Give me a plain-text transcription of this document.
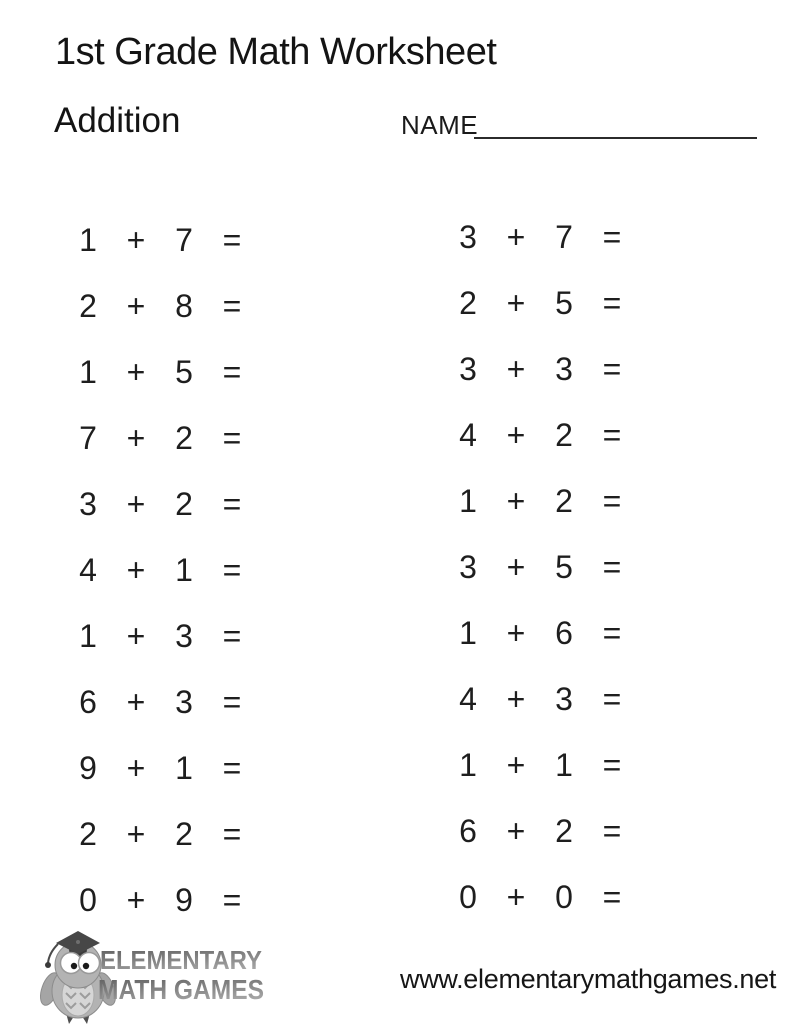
1st Grade Math Worksheet
Addition	NAME
1 + 7 =
2 + 8 =
1 + 5 =
7 + 2 =
3 + 2 =
4 + 1 =
1 + 3 =
6 + 3 =
9 + 1 =
2 + 2 =
0 + 9 =
3 + 7 =
2 + 5 =
3 + 3 =
4 + 2 =
1 + 2 =
3 + 5 =
1 + 6 =
4 + 3 =
1 + 1 =
6 + 2 =
0 + 0 =
ELEMENTARY
MATH GAMES	www.elementarymathgames.net
